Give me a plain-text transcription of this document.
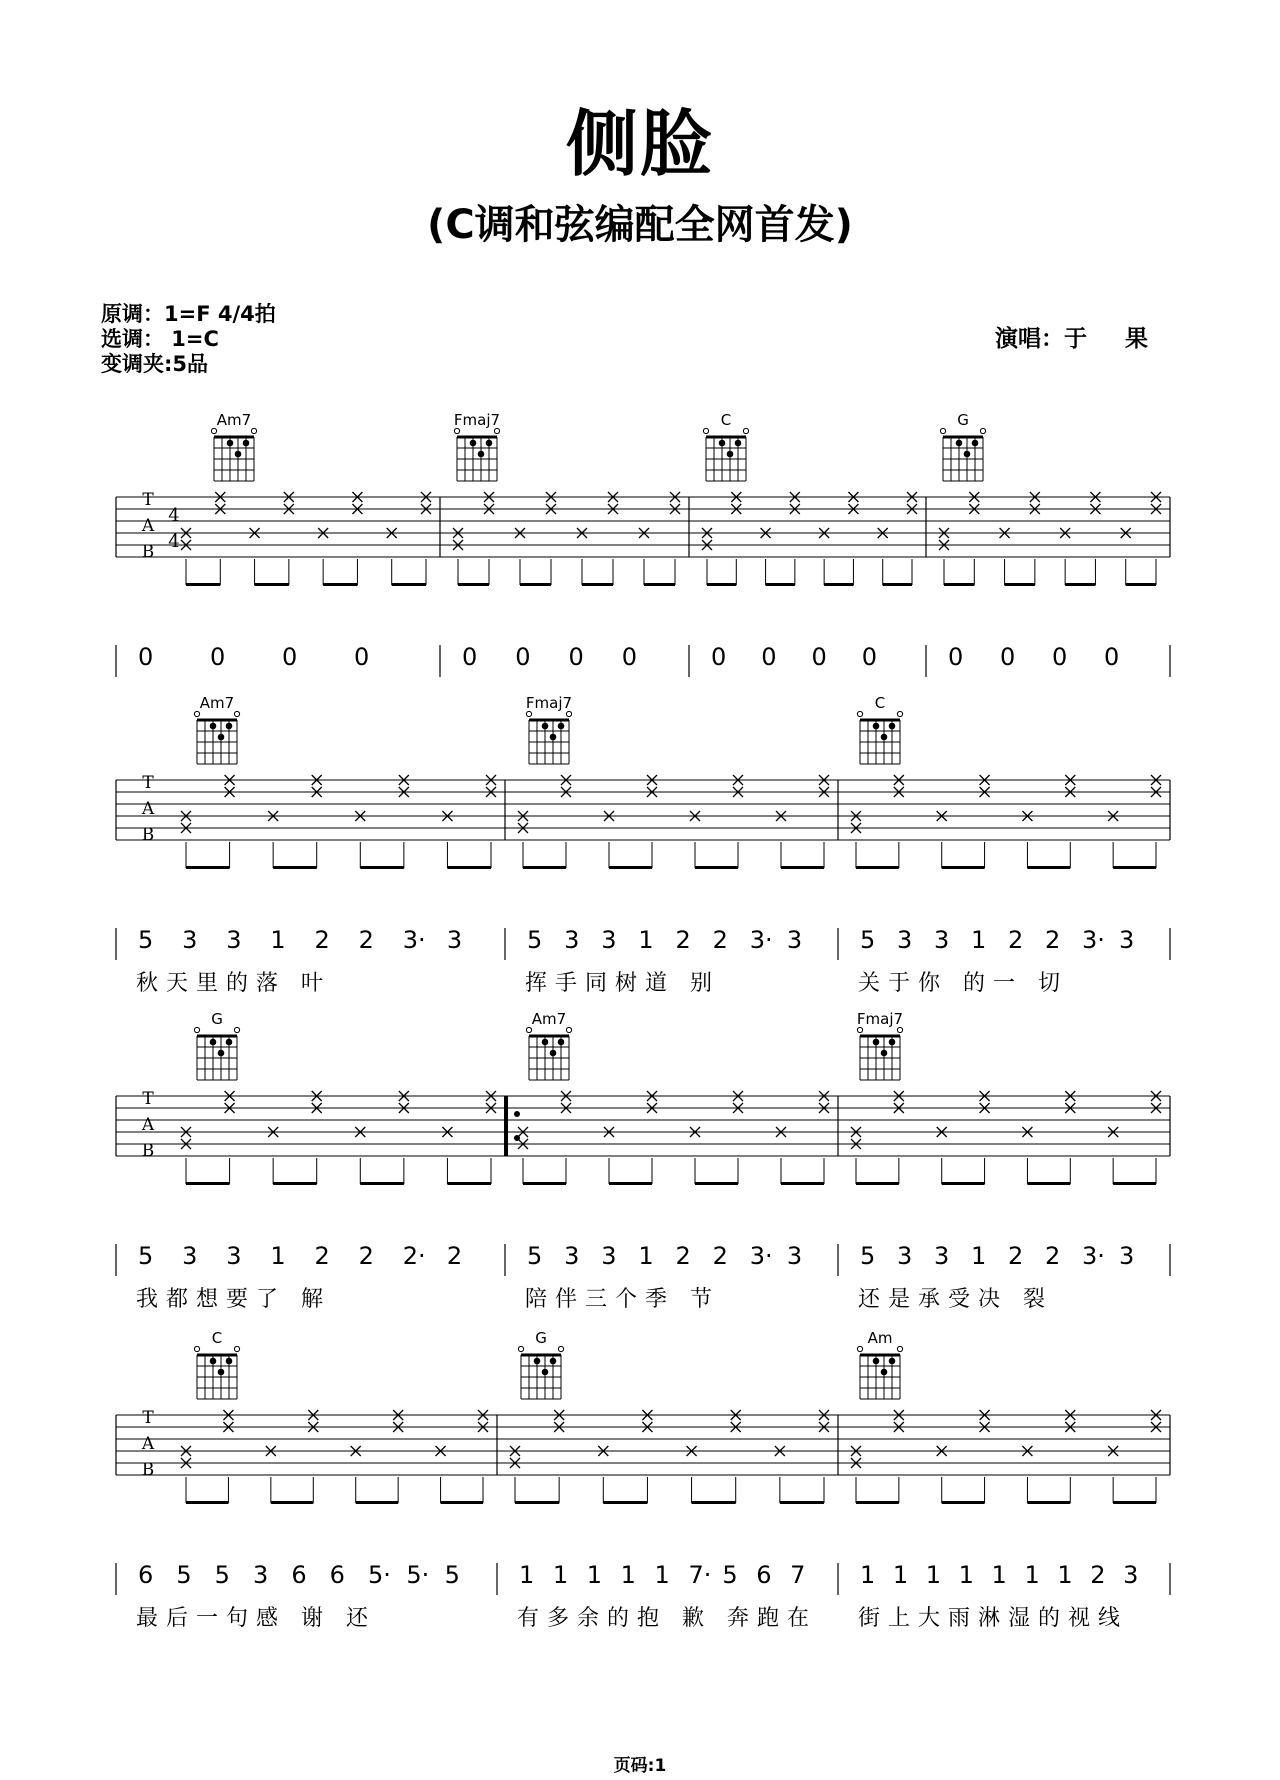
侧脸
(C调和弦编配全网首发)
原调：1=F 4/4拍
选调： 1=C
变调夹:5品
演唱：于果
T
A
B
4
4
Am7
0 0 0 0
Fmaj7
0 0 0 0
C
0 0 0 0
G
0 0 0 0
T
A
B
Am7
5 3 3 1 2 2 3· 3
秋天里的落 叶
Fmaj7
5 3 3 1 2 2 3· 3
挥手同树道 别
C
5 3 3 1 2 2 3· 3
关于你 的一 切
T
A
B
G
5 3 3 1 2 2 2· 2
我都想要了 解
Am7
5 3 3 1 2 2 3· 3
陪伴三个季 节
Fmaj7
5 3 3 1 2 2 3· 3
还是承受决 裂
T
A
B
C
6 5 5 3 6 6 5· 5· 5
最后一句感 谢 还
G
1 1 1 1 1 7· 5 6 7
有多余的抱 歉 奔跑在
Am
1 1 1 1 1 1 1 2 3
街上大雨淋湿的视线
页码:1
